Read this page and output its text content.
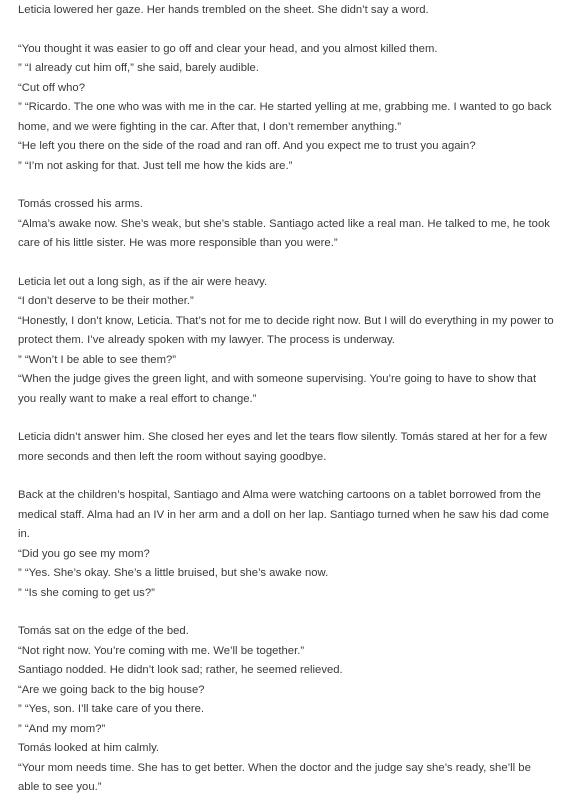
Leticia lowered her gaze. Her hands trembled on the sheet. She didn’t say a word.
“You thought it was easier to go off and clear your head, and you almost killed them.
” “I already cut him off,” she said, barely audible.
“Cut off who?
” “Ricardo. The one who was with me in the car. He started yelling at me, grabbing me. I wanted to go back home, and we were fighting in the car. After that, I don’t remember anything.”
“He left you there on the side of the road and ran off. And you expect me to trust you again?
” “I’m not asking for that. Just tell me how the kids are.”
Tomás crossed his arms.
“Alma’s awake now. She’s weak, but she’s stable. Santiago acted like a real man. He talked to me, he took care of his little sister. He was more responsible than you were.”
Leticia let out a long sigh, as if the air were heavy.
“I don’t deserve to be their mother.”
“Honestly, I don’t know, Leticia. That’s not for me to decide right now. But I will do everything in my power to protect them. I’ve already spoken with my lawyer. The process is underway.
” “Won’t I be able to see them?”
“When the judge gives the green light, and with someone supervising. You’re going to have to show that you really want to make a real effort to change.”
Leticia didn’t answer him. She closed her eyes and let the tears flow silently. Tomás stared at her for a few more seconds and then left the room without saying goodbye.
Back at the children’s hospital, Santiago and Alma were watching cartoons on a tablet borrowed from the medical staff. Alma had an IV in her arm and a doll on her lap. Santiago turned when he saw his dad come in.
“Did you go see my mom?
” “Yes. She’s okay. She’s a little bruised, but she’s awake now.
” “Is she coming to get us?”
Tomás sat on the edge of the bed.
“Not right now. You’re coming with me. We’ll be together.”
Santiago nodded. He didn’t look sad; rather, he seemed relieved.
“Are we going back to the big house?
” “Yes, son. I’ll take care of you there.
” “And my mom?”
Tomás looked at him calmly.
“Your mom needs time. She has to get better. When the doctor and the judge say she’s ready, she’ll be able to see you.”
